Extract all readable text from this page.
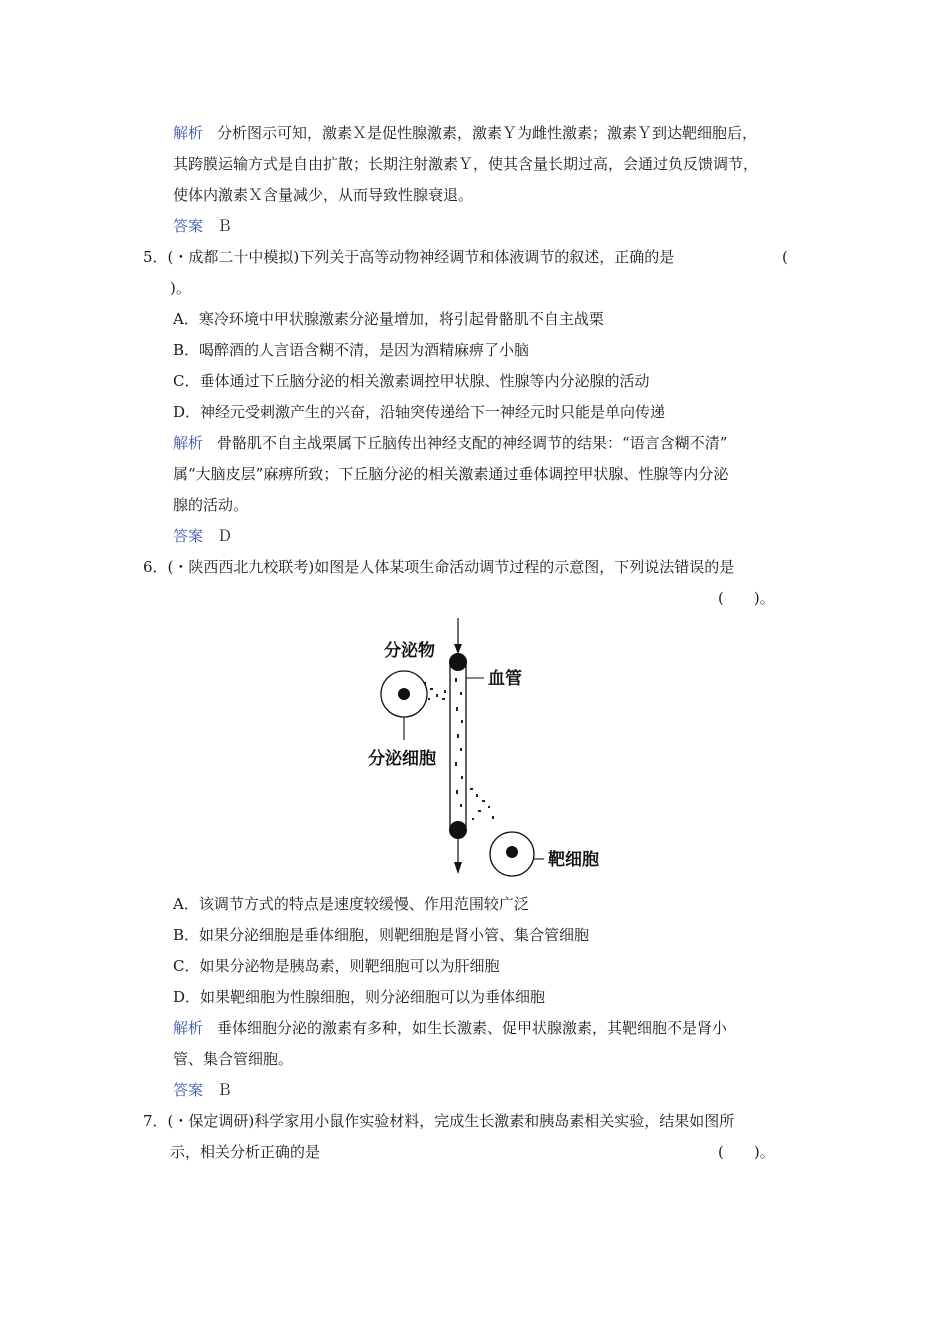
解析 分析图示可知，激素Ｘ是促性腺激素，激素Ｙ为雌性激素；激素Ｙ到达靶细胞后，
其跨膜运输方式是自由扩散；长期注射激素Ｙ，使其含量长期过高，会通过负反馈调节，
使体内激素Ｘ含量减少，从而导致性腺衰退。
答案 Ｂ
5．(・成都二十中模拟)下列关于高等动物神经调节和体液调节的叙述，正确的是	(
)。
A．寒冷环境中甲状腺激素分泌量增加，将引起骨骼肌不自主战栗
B．喝醉酒的人言语含糊不清，是因为酒精麻痹了小脑
C．垂体通过下丘脑分泌的相关激素调控甲状腺、性腺等内分泌腺的活动
D．神经元受刺激产生的兴奋，沿轴突传递给下一神经元时只能是单向传递
解析 骨骼肌不自主战栗属下丘脑传出神经支配的神经调节的结果：“语言含糊不清”
属“大脑皮层”麻痹所致；下丘脑分泌的相关激素通过垂体调控甲状腺、性腺等内分泌
腺的活动。
答案 Ｄ
6．(・陕西西北九校联考)如图是人体某项生命活动调节过程的示意图，下列说法错误的是
(　　)。
分泌物
血管
分泌细胞
靶细胞
A．该调节方式的特点是速度较缓慢、作用范围较广泛
B．如果分泌细胞是垂体细胞，则靶细胞是肾小管、集合管细胞
C．如果分泌物是胰岛素，则靶细胞可以为肝细胞
D．如果靶细胞为性腺细胞，则分泌细胞可以为垂体细胞
解析 垂体细胞分泌的激素有多种，如生长激素、促甲状腺激素，其靶细胞不是肾小
管、集合管细胞。
答案 Ｂ
7．(・保定调研)科学家用小鼠作实验材料，完成生长激素和胰岛素相关实验，结果如图所
示，相关分析正确的是	(　　)。
